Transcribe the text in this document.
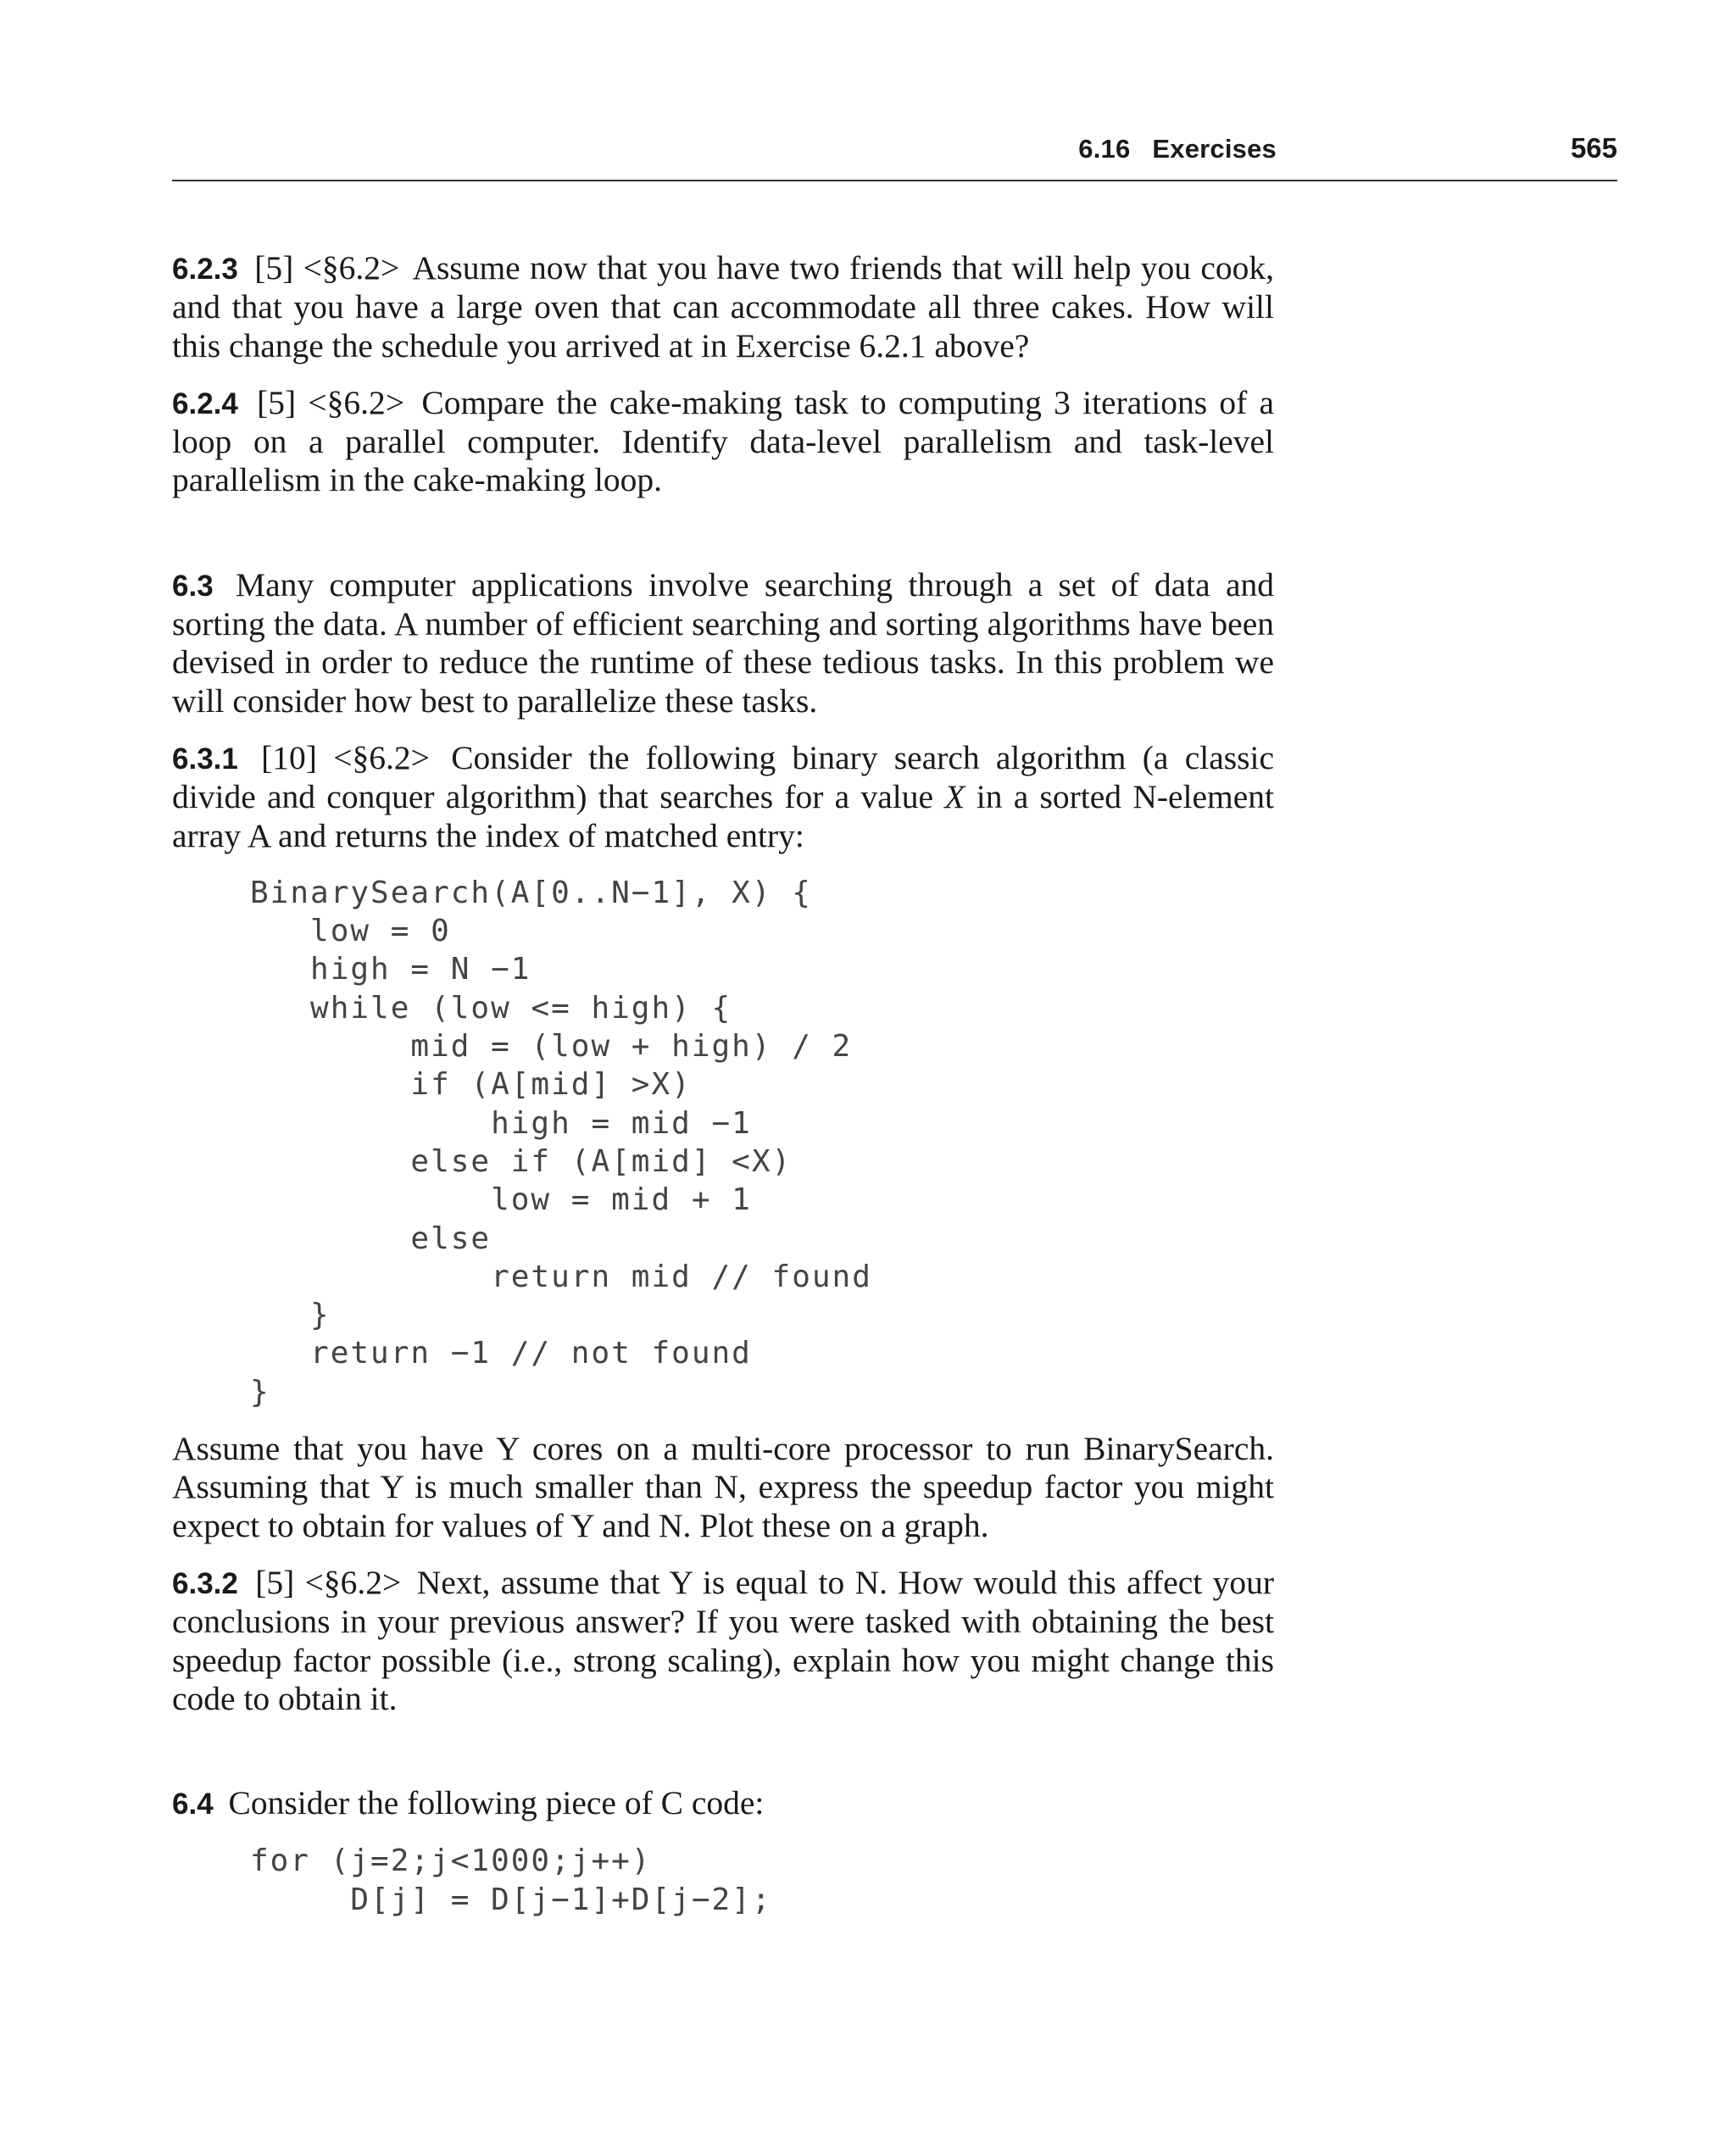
6.16 Exercises	565

6.2.3 [5] <§6.2> Assume now that you have two friends that will help you cook, and that you have a large oven that can accommodate all three cakes. How will this change the schedule you arrived at in Exercise 6.2.1 above?

6.2.4 [5] <§6.2> Compare the cake-making task to computing 3 iterations of a loop on a parallel computer. Identify data-level parallelism and task-level parallelism in the cake-making loop.

6.3 Many computer applications involve searching through a set of data and sorting the data. A number of efficient searching and sorting algorithms have been devised in order to reduce the runtime of these tedious tasks. In this problem we will consider how best to parallelize these tasks.

6.3.1 [10] <§6.2> Consider the following binary search algorithm (a classic divide and conquer algorithm) that searches for a value X in a sorted N-element array A and returns the index of matched entry:

BinarySearch(A[0..N−1], X) {
low = 0
high = N −1
while (low <= high) {
mid = (low + high) / 2
if (A[mid] >X)
high = mid −1
else if (A[mid] <X)
low = mid + 1
else
return mid // found
}
return −1 // not found
}

Assume that you have Y cores on a multi-core processor to run BinarySearch. Assuming that Y is much smaller than N, express the speedup factor you might expect to obtain for values of Y and N. Plot these on a graph.

6.3.2 [5] <§6.2> Next, assume that Y is equal to N. How would this affect your conclusions in your previous answer? If you were tasked with obtaining the best speedup factor possible (i.e., strong scaling), explain how you might change this code to obtain it.

6.4 Consider the following piece of C code:

for (j=2;j<1000;j++)
D[j] = D[j−1]+D[j−2];
